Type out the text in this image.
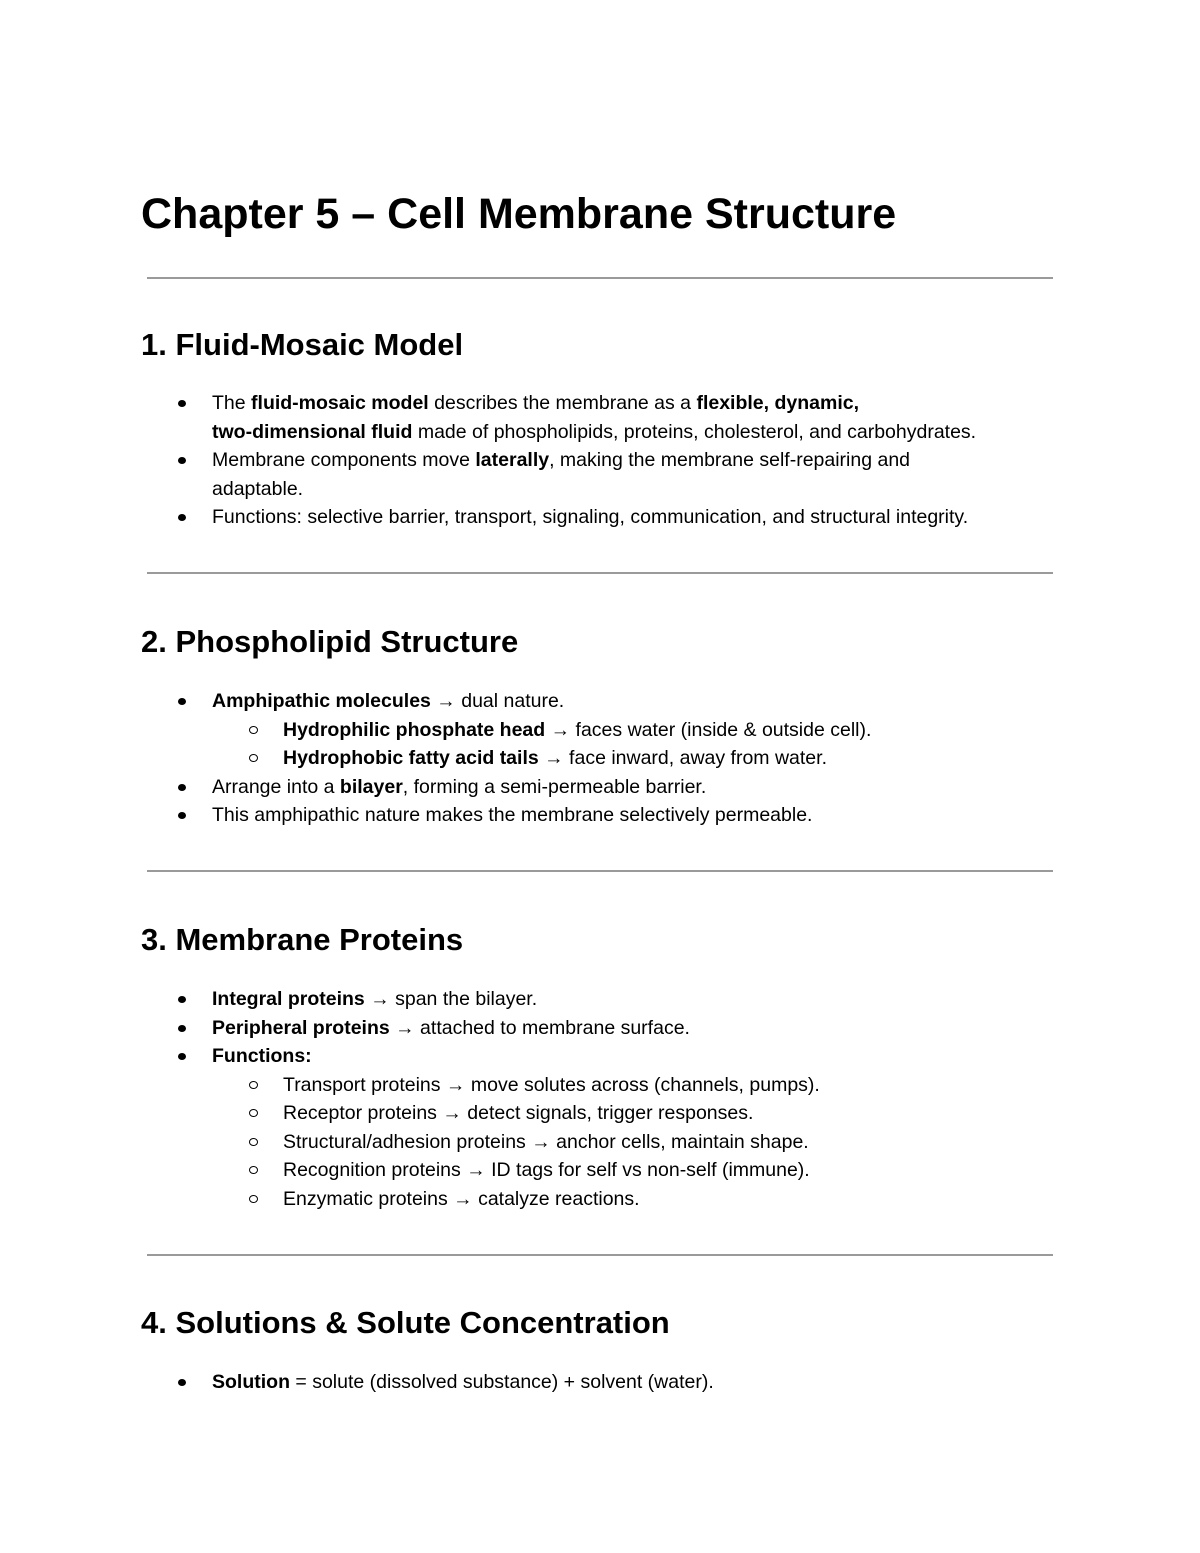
Chapter 5 – Cell Membrane Structure
1. Fluid-Mosaic Model
The fluid-mosaic model describes the membrane as a flexible, dynamic,
two-dimensional fluid made of phospholipids, proteins, cholesterol, and carbohydrates.
Membrane components move laterally, making the membrane self-repairing and
adaptable.
Functions: selective barrier, transport, signaling, communication, and structural integrity.
2. Phospholipid Structure
Amphipathic molecules → dual nature.
Hydrophilic phosphate head → faces water (inside & outside cell).
Hydrophobic fatty acid tails → face inward, away from water.
Arrange into a bilayer, forming a semi-permeable barrier.
This amphipathic nature makes the membrane selectively permeable.
3. Membrane Proteins
Integral proteins → span the bilayer.
Peripheral proteins → attached to membrane surface.
Functions:
Transport proteins → move solutes across (channels, pumps).
Receptor proteins → detect signals, trigger responses.
Structural/adhesion proteins → anchor cells, maintain shape.
Recognition proteins → ID tags for self vs non-self (immune).
Enzymatic proteins → catalyze reactions.
4. Solutions & Solute Concentration
Solution = solute (dissolved substance) + solvent (water).
